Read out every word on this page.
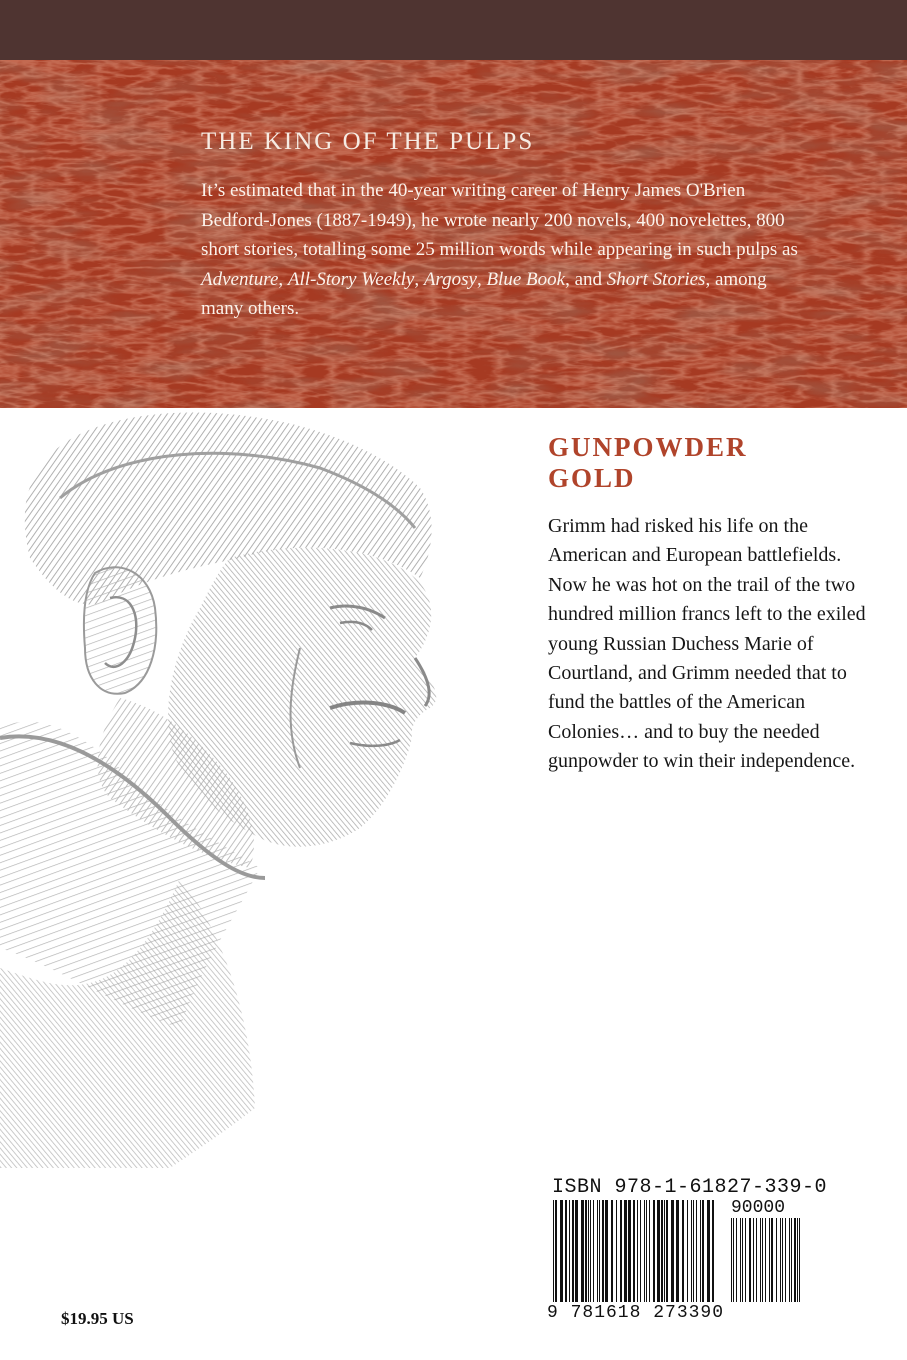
THE KING OF THE PULPS

It’s estimated that in the 40-year writing career of Henry James O'Brien Bedford-Jones (1887-1949), he wrote nearly 200 novels, 400 novelettes, 800 short stories, totalling some 25 million words while appearing in such pulps as Adventure, All-Story Weekly, Argosy, Blue Book, and Short Stories, among many others.

GUNPOWDER
GOLD

Grimm had risked his life on the American and European battlefields. Now he was hot on the trail of the two hundred million francs left to the exiled young Russian Duchess Marie of Courtland, and Grimm needed that to fund the battles of the American Colonies… and to buy the needed gunpowder to win their independence.

$19.95 US

ISBN 978-1-61827-339-0

90000

9 781618 273390
